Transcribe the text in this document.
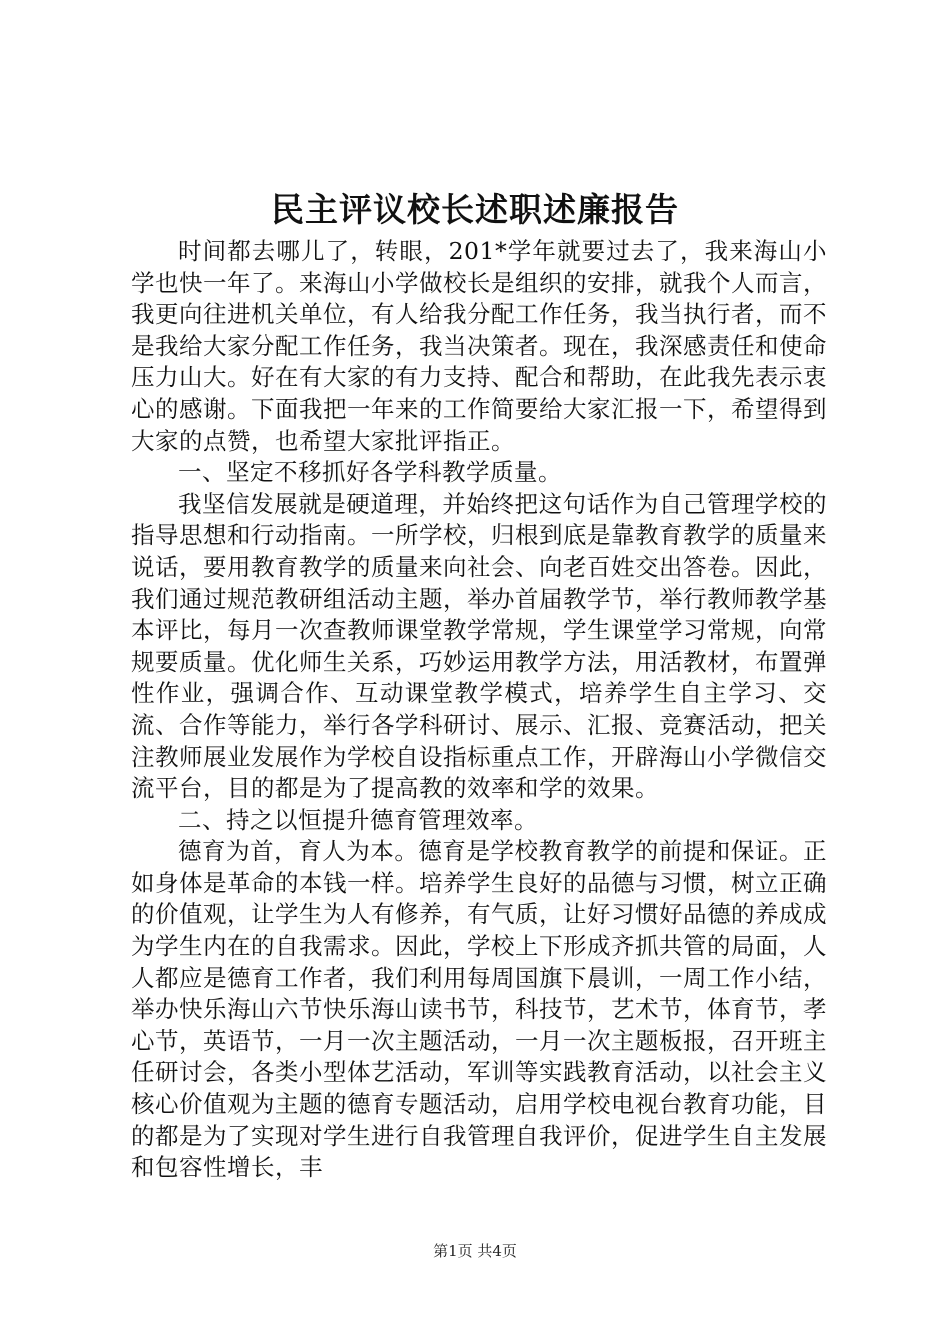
民主评议校长述职述廉报告

时间都去哪儿了，转眼，201*学年就要过去了，我来海山小学也快一年了。来海山小学做校长是组织的安排，就我个人而言，我更向往进机关单位，有人给我分配工作任务，我当执行者，而不是我给大家分配工作任务，我当决策者。现在，我深感责任和使命压力山大。好在有大家的有力支持、配合和帮助，在此我先表示衷心的感谢。下面我把一年来的工作简要给大家汇报一下，希望得到大家的点赞，也希望大家批评指正。

一、坚定不移抓好各学科教学质量。

我坚信发展就是硬道理，并始终把这句话作为自己管理学校的指导思想和行动指南。一所学校，归根到底是靠教育教学的质量来说话，要用教育教学的质量来向社会、向老百姓交出答卷。因此，我们通过规范教研组活动主题，举办首届教学节，举行教师教学基本评比，每月一次查教师课堂教学常规，学生课堂学习常规，向常规要质量。优化师生关系，巧妙运用教学方法，用活教材，布置弹性作业，强调合作、互动课堂教学模式，培养学生自主学习、交流、合作等能力，举行各学科研讨、展示、汇报、竞赛活动，把关注教师展业发展作为学校自设指标重点工作，开辟海山小学微信交流平台，目的都是为了提高教的效率和学的效果。

二、持之以恒提升德育管理效率。

德育为首，育人为本。德育是学校教育教学的前提和保证。正如身体是革命的本钱一样。培养学生良好的品德与习惯，树立正确的价值观，让学生为人有修养，有气质，让好习惯好品德的养成成为学生内在的自我需求。因此，学校上下形成齐抓共管的局面，人人都应是德育工作者，我们利用每周国旗下晨训，一周工作小结，举办快乐海山六节快乐海山读书节，科技节，艺术节，体育节，孝心节，英语节，一月一次主题活动，一月一次主题板报，召开班主任研讨会，各类小型体艺活动，军训等实践教育活动，以社会主义核心价值观为主题的德育专题活动，启用学校电视台教育功能，目的都是为了实现对学生进行自我管理自我评价，促进学生自主发展和包容性增长，丰

第1页 共4页
